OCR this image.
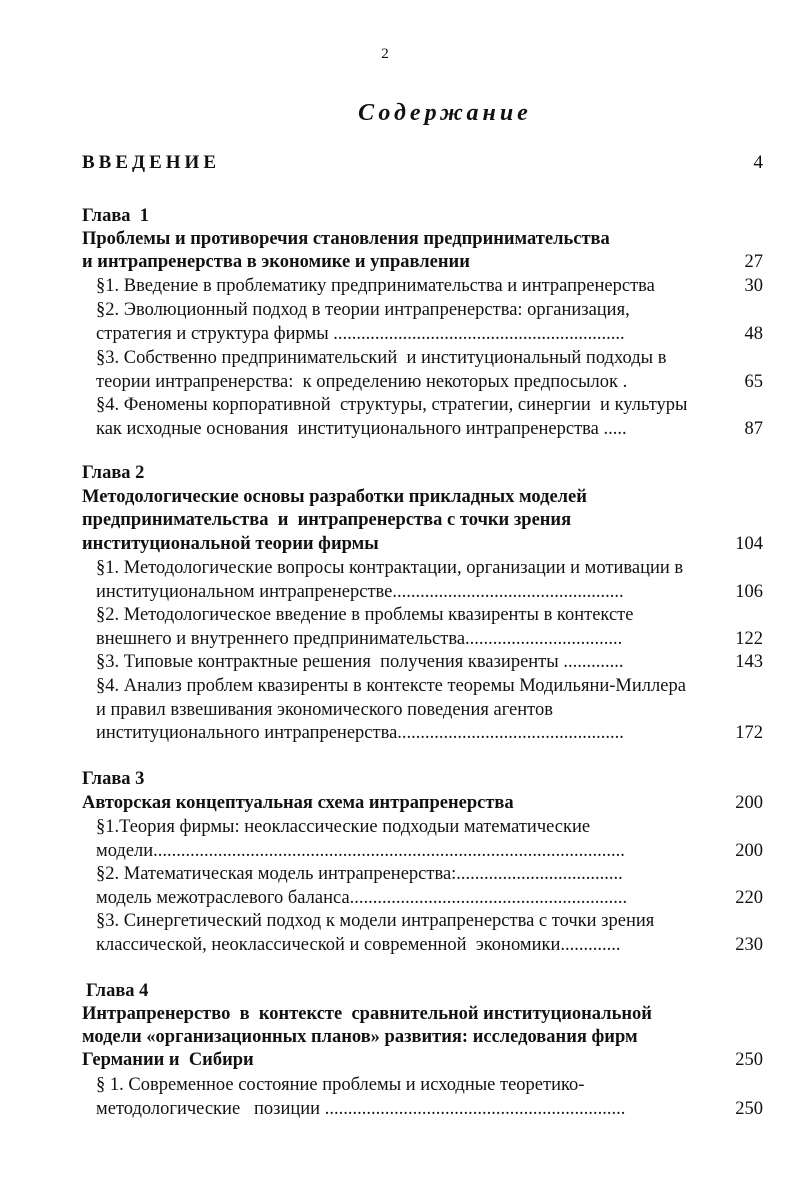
2
Содержание
ВВЕДЕНИЕ	4
Глава  1
Проблемы и противоречия становления предпринимательства
и интрапренерства в экономике и управлении	27
§1. Введение в проблематику предпринимательства и интрапренерства	30
§2. Эволюционный подход в теории интрапренерства: организация,
стратегия и структура фирмы ...............................................................	48
§3. Собственно предпринимательский  и институциональный подходы в
теории интрапренерства:  к определению некоторых предпосылок .	65
§4. Феномены корпоративной  структуры, стратегии, синергии  и культуры
как исходные основания  институционального интрапренерства .....	87
Глава 2
Методологические основы разработки прикладных моделей
предпринимательства  и  интрапренерства с точки зрения
институциональной теории фирмы	104
§1. Методологические вопросы контрактации, организации и мотивации в
институциональном интрапренерстве..................................................	106
§2. Методологическое введение в проблемы квазиренты в контексте
внешнего и внутреннего предпринимательства..................................	122
§3. Типовые контрактные решения  получения квазиренты .............	143
§4. Анализ проблем квазиренты в контексте теоремы Модильяни-Миллера
и правил взвешивания экономического поведения агентов
институционального интрапренерства.................................................	172
Глава 3
Авторская концептуальная схема интрапренерства	200
§1.Теория фирмы: неоклассические подходыи математические
модели......................................................................................................	200
§2. Математическая модель интрапренерства:....................................
модель межотраслевого баланса............................................................	220
§3. Синергетический подход к модели интрапренерства с точки зрения
классической, неоклассической и современной  экономики.............	230
Глава 4
Интрапренерство  в  контексте  сравнительной институциональной
модели «организационных планов» развития: исследования фирм
Германии и  Сибири	250
§ 1. Современное состояние проблемы и исходные теоретико-
методологические   позиции .................................................................	250
